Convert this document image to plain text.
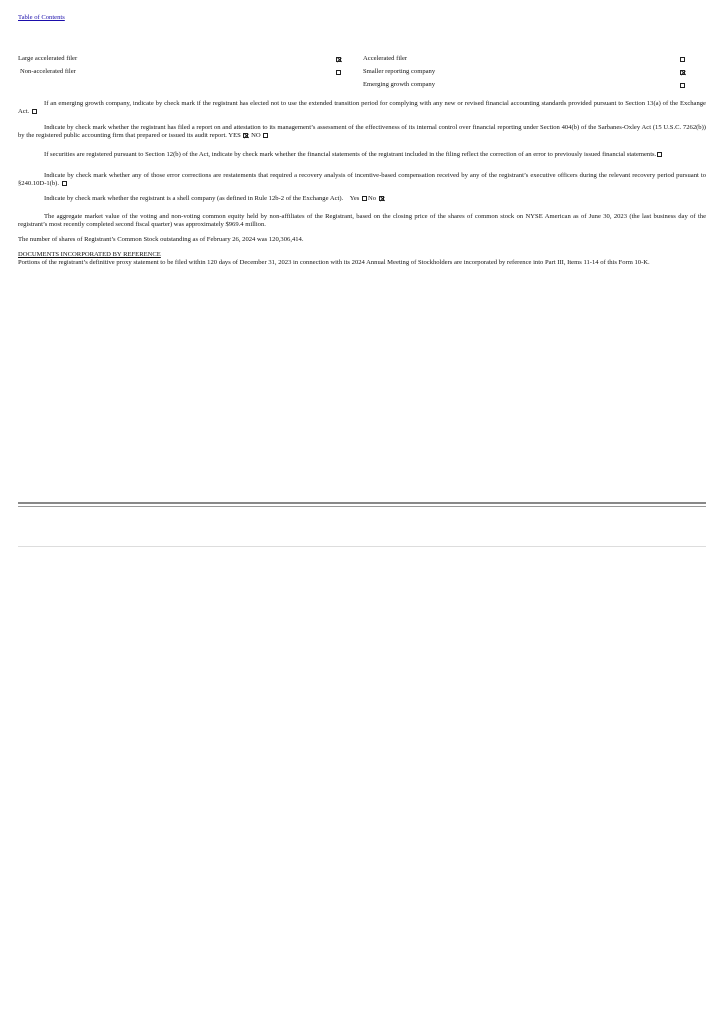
Table of Contents
Large accelerated filer	Accelerated filer
Non-accelerated filer	Smaller reporting company
Emerging growth company
If an emerging growth company, indicate by check mark if the registrant has elected not to use the extended transition period for complying with any new or revised financial accounting standards provided pursuant to Section 13(a) of the Exchange Act.
Indicate by check mark whether the registrant has filed a report on and attestation to its management’s assessment of the effectiveness of its internal control over financial reporting under Section 404(b) of the Sarbanes-Oxley Act (15 U.S.C. 7262(b)) by the registered public accounting firm that prepared or issued its audit report. YES NO
If securities are registered pursuant to Section 12(b) of the Act, indicate by check mark whether the financial statements of the registrant included in the filing reflect the correction of an error to previously issued financial statements.
Indicate by check mark whether any of those error corrections are restatements that required a recovery analysis of incentive-based compensation received by any of the registrant’s executive officers during the relevant recovery period pursuant to §240.10D-1(b).
Indicate by check mark whether the registrant is a shell company (as defined in Rule 12b-2 of the Exchange Act). Yes No
The aggregate market value of the voting and non-voting common equity held by non-affiliates of the Registrant, based on the closing price of the shares of common stock on NYSE American as of June 30, 2023 (the last business day of the registrant’s most recently completed second fiscal quarter) was approximately $969.4 million.
The number of shares of Registrant’s Common Stock outstanding as of February 26, 2024 was 120,306,414.
DOCUMENTS INCORPORATED BY REFERENCE
Portions of the registrant’s definitive proxy statement to be filed within 120 days of December 31, 2023 in connection with its 2024 Annual Meeting of Stockholders are incorporated by reference into Part III, Items 11-14 of this Form 10-K.
